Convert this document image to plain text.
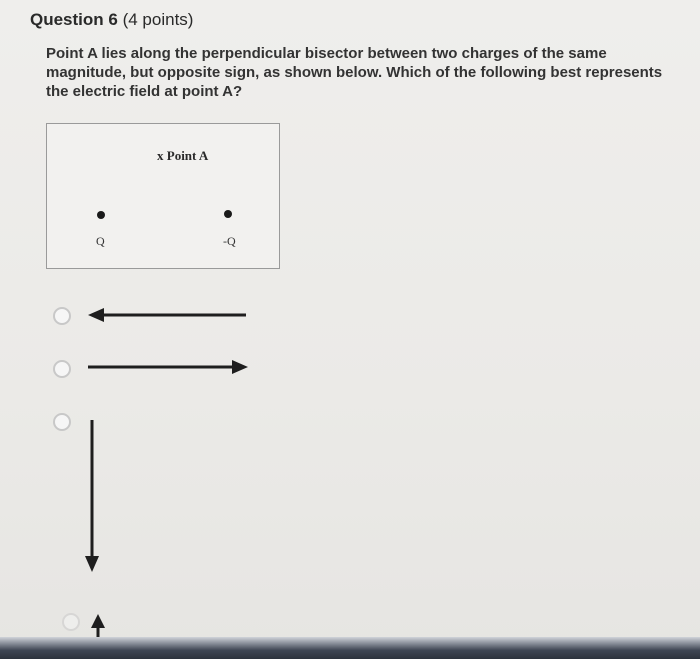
Question 6 (4 points)
Point A lies along the perpendicular bisector between two charges of the same magnitude, but opposite sign, as shown below. Which of the following best represents the electric field at point A?
x Point A
Q	-Q
